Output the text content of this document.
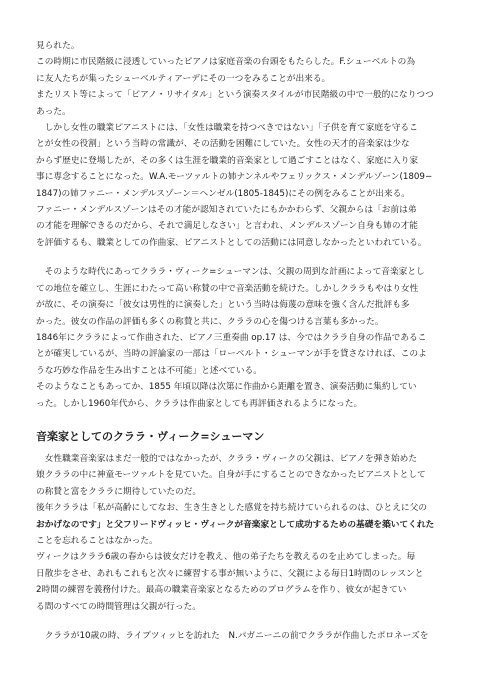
見られた。
この時期に市民階級に浸透していったピアノは家庭音楽の台頭をもたらした。F.シューベルトの為
に友人たちが集ったシューベルティアーデにその一つをみることが出来る。
またリスト等によって「ピアノ・リサイタル」という演奏スタイルが市民階級の中で一般的になりつつ
あった。
　しかし女性の職業ピアニストには、「女性は職業を持つべきではない」「子供を育て家庭を守るこ
とが女性の役割」という当時の常識が、その活動を困難にしていた。女性の天才的音楽家は少な
からず歴史に登場したが、その多くは生涯を職業的音楽家として過ごすことはなく、家庭に入り家
事に専念することになった。W.A.モーツァルトの姉ナンネルやフェリックス・メンデルゾーン(1809−
1847)の姉ファニー・メンデルスゾーン＝ヘンゼル(1805-1845)にその例をみることが出来る。
ファニー・メンデルスゾーンはその才能が認知されていたにもかかわらず、父親からは「お前は弟
の才能を理解できるのだから、それで満足しなさい」と言われ、メンデルスゾーン自身も姉の才能
を評価するも、職業としての作曲家、ピアニストとしての活動には同意しなかったといわれている。
　そのような時代にあってクララ・ヴィーク=シューマンは、父親の周到な計画によって音楽家とし
ての地位を確立し、生涯にわたって高い称賛の中で音楽活動を続けた。しかしクララもやはり女性
が故に、その演奏に「彼女は男性的に演奏した」という当時は侮蔑の意味を強く含んだ批評も多
かった。彼女の作品の評価も多くの称賛と共に、クララの心を傷つける言葉も多かった。
1846年にクララによって作曲された、ピアノ三重奏曲 op.17 は、今ではクララ自身の作品であるこ
とが確実しているが、当時の評論家の一部は「ローベルト・シューマンが手を貸さなければ、このよ
うな巧妙な作品を生み出すことは不可能」と述べている。
そのようなこともあってか、1855 年頃以降は次第に作曲から距離を置き、演奏活動に集約してい
った。しかし1960年代から、クララは作曲家としても再評価されるようになった。
音楽家としてのクララ・ヴィーク=シューマン
　女性職業音楽家はまだ一般的ではなかったが、クララ・ヴィークの父親は、ピアノを弾き始めた
娘クララの中に神童モーツァルトを見ていた。自身が手にすることのできなかったピアニストとして
の称賛と富をクララに期待していたのだ。
後年クララは「私が高齢にしてなお、生き生きとした感覚を持ち続けていられるのは、ひとえに父の
おかげなのです」と父フリードヴィッヒ・ヴィークが音楽家として成功するための基礎を築いてくれた
ことを忘れることはなかった。
ヴィークはクララ6歳の春からは彼女だけを教え、他の弟子たちを教えるのを止めてしまった。毎
日散歩をさせ、あれもこれもと次々に練習する事が無いように、父親による毎日1時間のレッスンと
2時間の練習を義務付けた。最高の職業音楽家となるためのプログラムを作り、彼女が起きてい
る間のすべての時間管理は父親が行った。
　クララが10歳の時、ライプツィッヒを訪れた　N.パガニーニの前でクララが作曲したポロネーズを
